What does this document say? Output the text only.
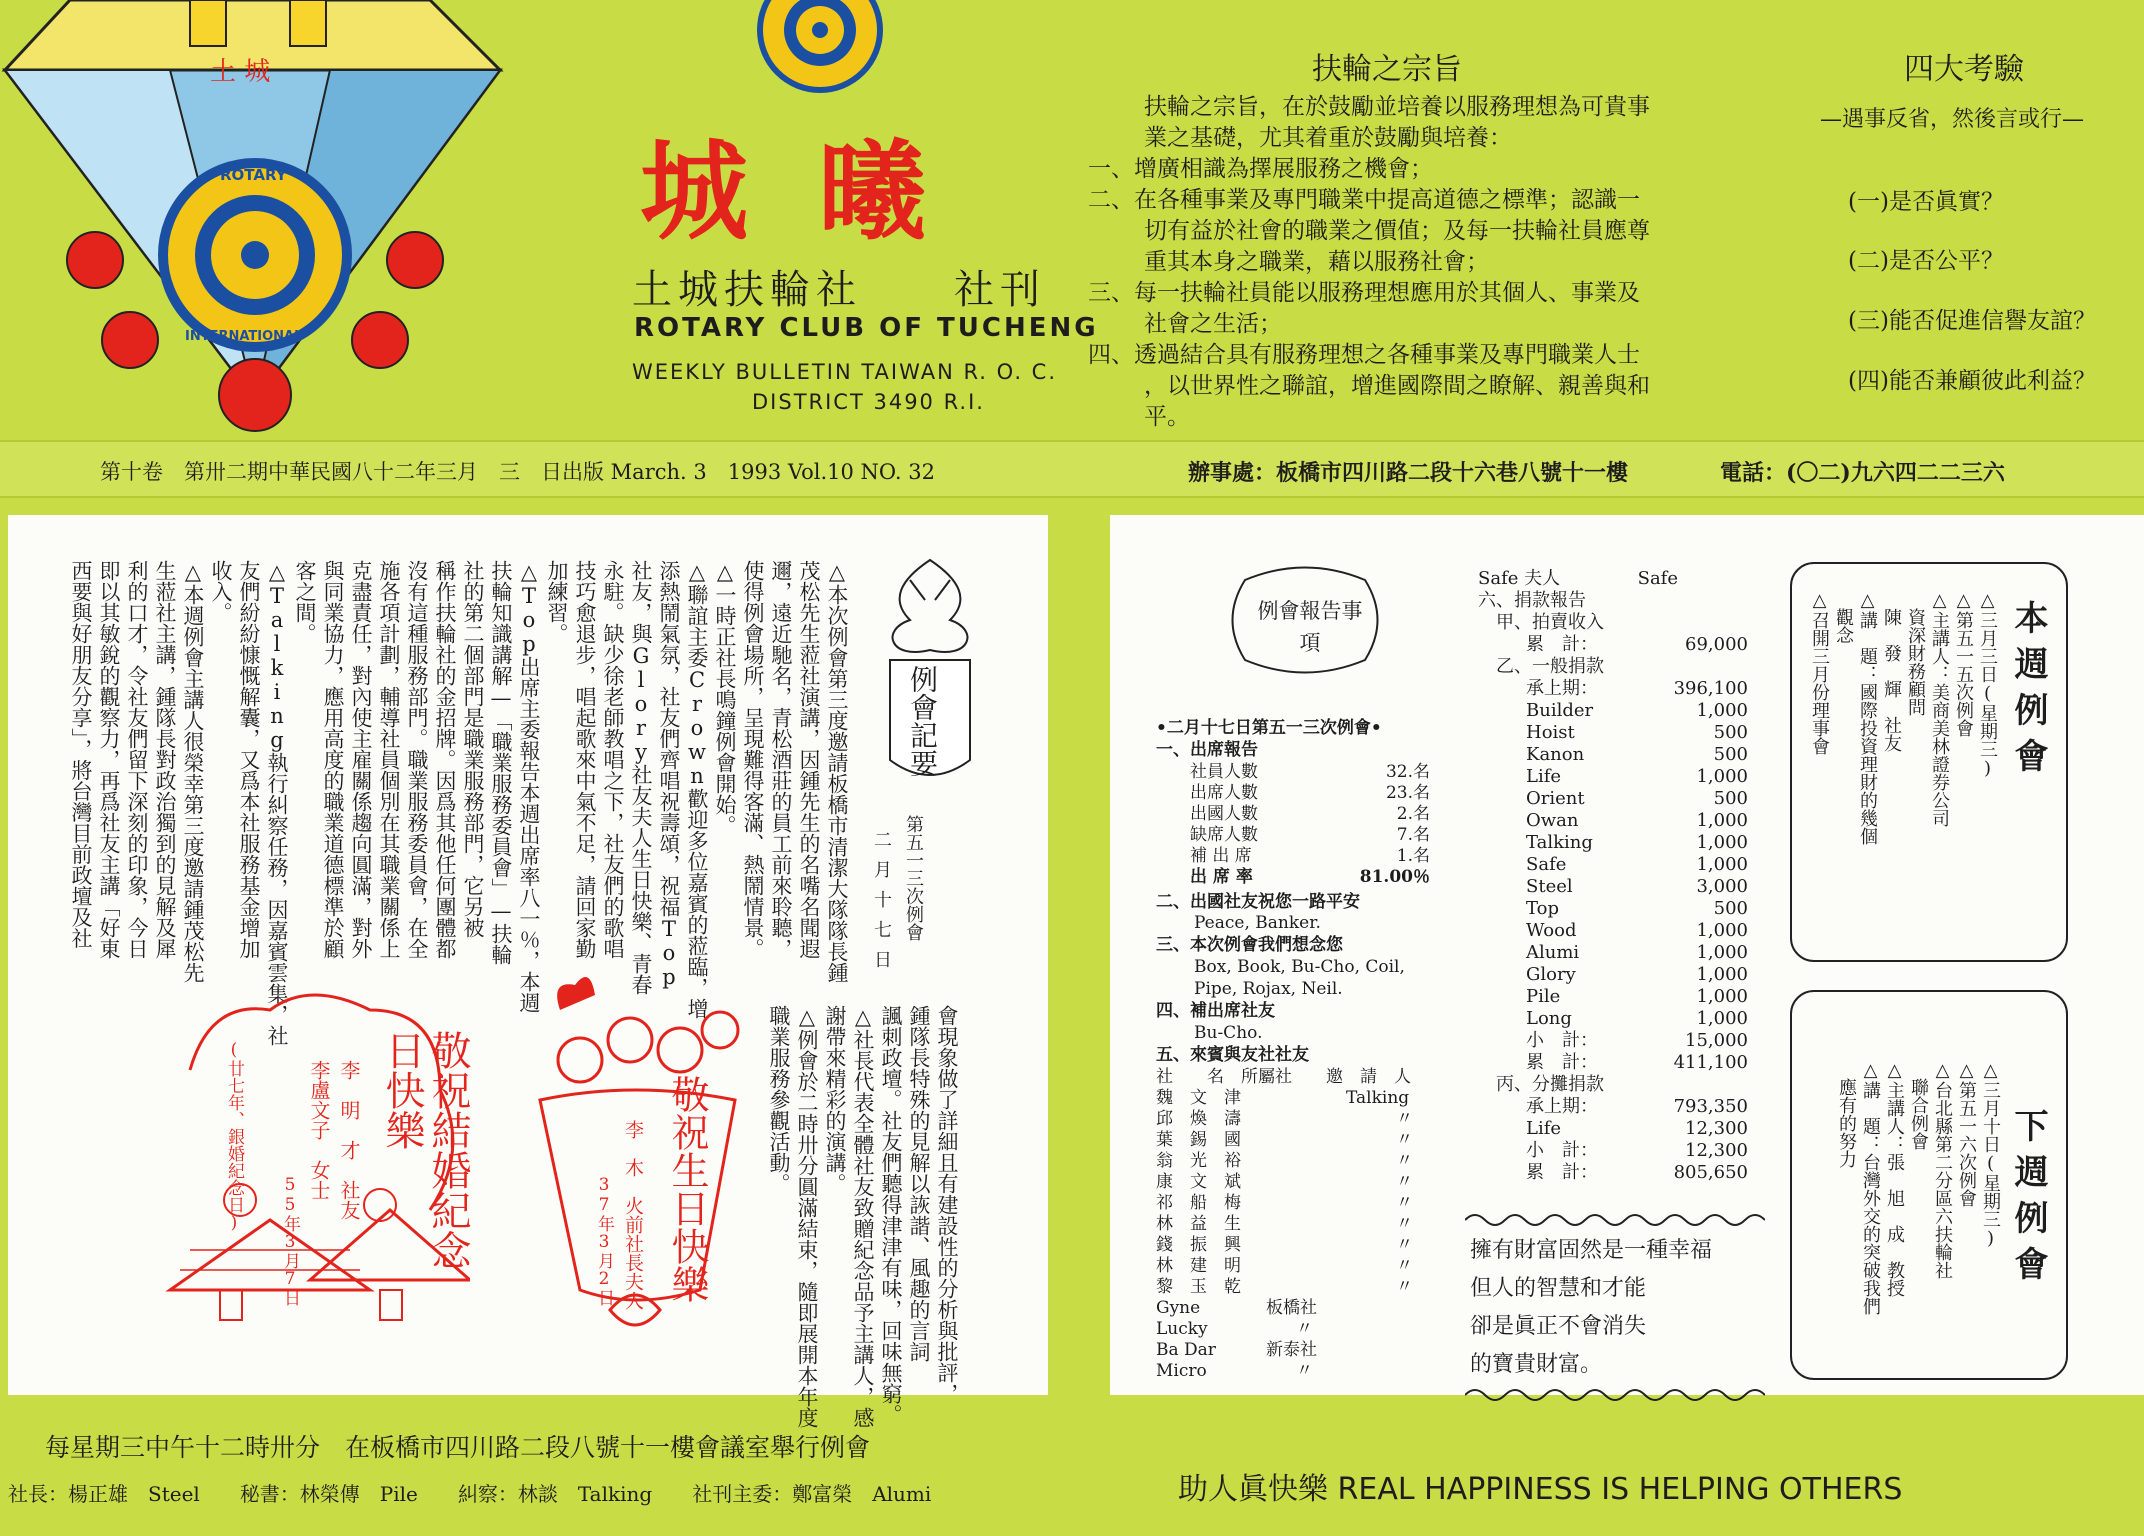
土 城
ROTARY
INTERNATIONAL
城曦
土城扶輪社　　社刊
ROTARY CLUB OF TUCHENG
WEEKLY BULLETIN TAIWAN R. O. C.
DISTRICT 3490 R.I.
扶輪之宗旨
扶輪之宗旨，在於鼓勵並培養以服務理想為可貴事
業之基礎，尤其着重於鼓勵與培養：
一、增廣相識為擇展服務之機會；
二、在各種事業及專門職業中提高道德之標準；認識一
切有益於社會的職業之價值；及每一扶輪社員應尊
重其本身之職業，藉以服務社會；
三、每一扶輪社員能以服務理想應用於其個人、事業及
社會之生活；
四、透過結合具有服務理想之各種事業及專門職業人士
，以世界性之聯誼，增進國際間之瞭解、親善與和
平。
四大考驗
—遇事反省，然後言或行—
(一)是否眞實？
(二)是否公平？
(三)能否促進信譽友誼？
(四)能否兼顧彼此利益？
第十卷　第卅二期中華民國八十二年三月　三　日出版 March. 3　1993 Vol.10 NO. 32	辦事處：板橋市四川路二段十六巷八號十一樓	電話：(〇二)九六四二二三六
例會記要
第五一三次例會
二月十七日
△本次例會第三度邀請板橋市清潔大隊隊長鍾
茂松先生蒞社演講，因鍾先生的名嘴名聞遐
邇，遠近馳名，青松酒莊的員工前來聆聽，
使得例會場所，呈現難得客滿、熱鬧情景。
△一時正社長鳴鐘例會開始。
△聯誼主委Crown歡迎多位嘉賓的蒞臨，增
添熱鬧氣氛，社友們齊唱祝壽頌，祝福Top
社友，與Glory社友夫人生日快樂、青春
永駐。缺少徐老師教唱之下，社友們的歌唱
技巧愈退步，唱起歌來中氣不足，請回家勤
加練習。
△Top出席主委報告本週出席率八一％，本週
扶輪知識講解—「職業服務委員會」—扶輪
社的第二個部門是職業服務部門，它另被
稱作扶輪社的金招牌。因爲其他任何團體都
沒有這種服務部門。職業服務委員會，在全
施各項計劃，輔導社員個別在其職業關係上
克盡責任，對內使主雇關係趨向圓滿，對外
與同業協力，應用高度的職業道德標準於顧
客之間。
△Talking執行糾察任務，因嘉賓雲集，社
友們紛紛慷慨解囊，又爲本社服務基金增加
收入。
△本週例會主講人很榮幸第三度邀請鍾茂松先
生蒞社主講，鍾隊長對政治獨到的見解及犀
利的口才，令社友們留下深刻的印象，今日
即以其敏銳的觀察力，再爲社友主講「好東
西要與好朋友分享」，將台灣目前政壇及社
會現象做了詳細且有建設性的分析與批評，
鍾隊長特殊的見解以詼諧、風趣的言詞
諷刺政壇。社友們聽得津津有味，回味無窮。
△社長代表全體社友致贈紀念品予主講人，感
謝帶來精彩的演講。
△例會於二時卅分圓滿結束，隨即展開本年度
職業服務參觀活動。
敬祝結婚紀念日快樂
李　明　才　社友
李盧文子　女士
55年3月7日
(廿七年、銀婚紀念日)	敬祝生日快樂
李　木　火前社長夫人
37年3月2日
例會報告事項
•二月十七日第五一三次例會•
一、出席報告
社員人數	32.名
出席人數	23.名
出國人數	2.名
缺席人數	7.名
補 出 席	1.名
出 席 率	81.00％
二、出國社友祝您一路平安
Peace, Banker.
三、本次例會我們想念您
Box, Book, Bu-Cho, Coil,
Pipe, Rojax, Neil.
四、補出席社友
Bu-Cho.
五、來賓與友社社友
社　　名　所屬社　　邀　請　人
魏　文　津	Talking
邱　煥　濤	〃
葉　錫　國	〃
翁　光　裕	〃
康　文　斌	〃
祁　船　梅	〃
林　益　生	〃
錢　振　興	〃
林　建　明	〃
黎　玉　乾	〃
Gyne	板橋社
Lucky	〃
Ba Dar	新泰社
Micro	〃
Safe 夫人	Safe
六、捐款報告
甲、拍賣收入
累　計：	69,000
乙、一般捐款
承上期：	396,100
Builder	1,000
Hoist	500
Kanon	500
Life	1,000
Orient	500
Owan	1,000
Talking	1,000
Safe	1,000
Steel	3,000
Top	500
Wood	1,000
Alumi	1,000
Glory	1,000
Pile	1,000
Long	1,000
小　計：	15,000
累　計：	411,100
丙、分攤捐款
承上期：	793,350
Life	12,300
小　計：	12,300
累　計：	805,650
擁有財富固然是一種幸福
但人的智慧和才能
卻是眞正不會消失
的寶貴財富。
本週例會
△三月三日(星期三)
△第五一五次例會
△主講人：美商美林證券公司
　資深財務顧問
　陳　發　輝　社友
△講　題：國際投資理財的幾個
　觀念
△召開三月份理事會
下週例會
△三月十日(星期三)
△第五一六次例會
△台北縣第二分區六扶輪社
　聯合例會
△主講人：張　旭　成　教授
△講　題：台灣外交的突破我們
　應有的努力
每星期三中午十二時卅分　在板橋市四川路二段八號十一樓會議室舉行例會
社長：楊正雄　Steel　　秘書：林榮傳　Pile　　糾察：林談　Talking　　社刊主委：鄭富榮　Alumi	助人眞快樂 REAL HAPPINESS IS HELPING OTHERS
